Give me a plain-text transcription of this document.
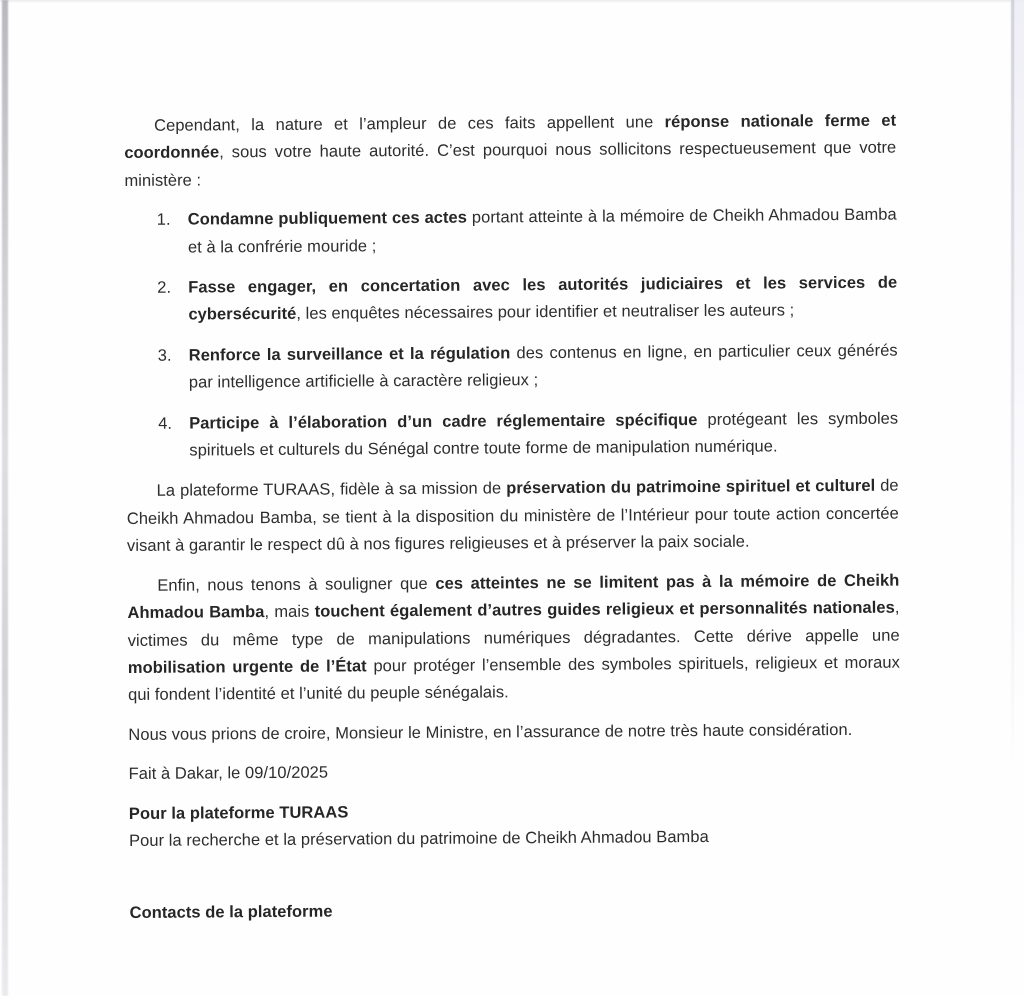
Cependant, la nature et l’ampleur de ces faits appellent une réponse nationale ferme et coordonnée, sous votre haute autorité. C’est pourquoi nous sollicitons respectueusement que votre ministère :

1. Condamne publiquement ces actes portant atteinte à la mémoire de Cheikh Ahmadou Bamba et à la confrérie mouride ;
2. Fasse engager, en concertation avec les autorités judiciaires et les services de cybersécurité, les enquêtes nécessaires pour identifier et neutraliser les auteurs ;
3. Renforce la surveillance et la régulation des contenus en ligne, en particulier ceux générés par intelligence artificielle à caractère religieux ;
4. Participe à l’élaboration d’un cadre réglementaire spécifique protégeant les symboles spirituels et culturels du Sénégal contre toute forme de manipulation numérique.

La plateforme TURAAS, fidèle à sa mission de préservation du patrimoine spirituel et culturel de Cheikh Ahmadou Bamba, se tient à la disposition du ministère de l’Intérieur pour toute action concertée visant à garantir le respect dû à nos figures religieuses et à préserver la paix sociale.

Enfin, nous tenons à souligner que ces atteintes ne se limitent pas à la mémoire de Cheikh Ahmadou Bamba, mais touchent également d’autres guides religieux et personnalités nationales, victimes du même type de manipulations numériques dégradantes. Cette dérive appelle une mobilisation urgente de l’État pour protéger l’ensemble des symboles spirituels, religieux et moraux qui fondent l’identité et l’unité du peuple sénégalais.

Nous vous prions de croire, Monsieur le Ministre, en l’assurance de notre très haute considération.

Fait à Dakar, le 09/10/2025

Pour la plateforme TURAAS

Pour la recherche et la préservation du patrimoine de Cheikh Ahmadou Bamba

Contacts de la plateforme
